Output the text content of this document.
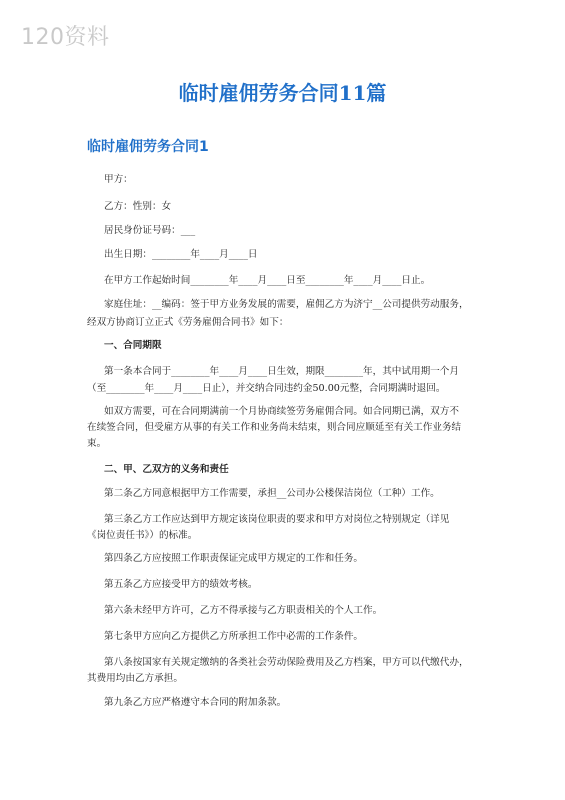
120资料
临时雇佣劳务合同11篇
临时雇佣劳务合同1
甲方：
乙方：性别：女
居民身份证号码：___
出生日期：________年____月____日
在甲方工作起始时间________年____月____日至________年____月____日止。
家庭住址：__编码：签于甲方业务发展的需要，雇佣乙方为济宁__公司提供劳动服务，
经双方协商订立正式《劳务雇佣合同书》如下：
一、合同期限
第一条本合同于________年____月____日生效，期限________年，其中试用期一个月
（至________年____月____日止），并交纳合同违约金50.00元整，合同期满时退回。
如双方需要，可在合同期满前一个月协商续签劳务雇佣合同。如合同期已满，双方不
在续签合同，但受雇方从事的有关工作和业务尚未结束，则合同应顺延至有关工作业务结
束。
二、甲、乙双方的义务和责任
第二条乙方同意根据甲方工作需要，承担__公司办公楼保洁岗位（工种）工作。
第三条乙方工作应达到甲方规定该岗位职责的要求和甲方对岗位之特别规定（详见
《岗位责任书》）的标准。
第四条乙方应按照工作职责保证完成甲方规定的工作和任务。
第五条乙方应接受甲方的绩效考核。
第六条未经甲方许可，乙方不得承接与乙方职责相关的个人工作。
第七条甲方应向乙方提供乙方所承担工作中必需的工作条件。
第八条按国家有关规定缴纳的各类社会劳动保险费用及乙方档案，甲方可以代缴代办，
其费用均由乙方承担。
第九条乙方应严格遵守本合同的附加条款。
